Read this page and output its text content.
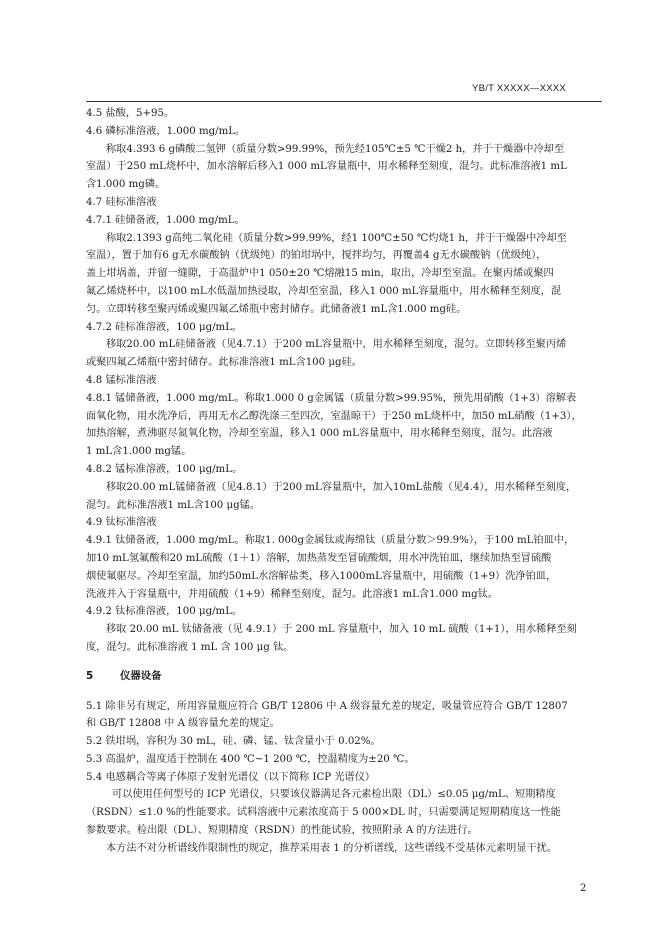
YB/T XXXXX—XXXX
4.5 盐酸，5+95。
4.6 磷标准溶液，1.000 mg/mL。
称取4.393 6 g磷酸二氢钾（质量分数>99.99%，预先经105℃±5 ℃干燥2 h，并于干燥器中冷却至
室温）于250 mL烧杯中，加水溶解后移入1 000 mL容量瓶中，用水稀释至刻度，混匀。此标准溶液1 mL
含1.000 mg磷。
4.7 硅标准溶液
4.7.1 硅储备液，1.000 mg/mL。
称取2.1393 g高纯二氧化硅（质量分数>99.99%，经1 100℃±50 ℃灼烧1 h，并于干燥器中冷却至
室温），置于加有6 g无水碳酸钠（优级纯）的铂坩埚中，搅拌均匀，再覆盖4 g无水碳酸钠（优级纯），
盖上坩埚盖，并留一缝隙，于高温炉中1 050±20 ℃熔融15 min，取出，冷却至室温。在聚丙烯或聚四
氟乙烯烧杯中，以100 mL水低温加热浸取，冷却至室温，移入1 000 mL容量瓶中，用水稀释至刻度，混
匀。立即转移至聚丙烯或聚四氟乙烯瓶中密封储存。此储备液1 mL含1.000 mg硅。
4.7.2 硅标准溶液，100 μg/mL。
移取20.00 mL硅储备液（见4.7.1）于200 mL容量瓶中，用水稀释至刻度，混匀。立即转移至聚丙烯
或聚四氟乙烯瓶中密封储存。此标准溶液1 mL含100 μg硅。
4.8 锰标准溶液
4.8.1 锰储备液，1.000 mg/mL。称取1.000 0 g金属锰（质量分数>99.95%，预先用硝酸（1+3）溶解表
面氧化物，用水洗净后，再用无水乙醇洗涤三至四次，室温晾干）于250 mL烧杯中，加50 mL硝酸（1+3），
加热溶解，煮沸驱尽氮氧化物，冷却至室温，移入1 000 mL容量瓶中，用水稀释至刻度，混匀。此溶液
1 mL含1.000 mg锰。
4.8.2 锰标准溶液，100 μg/mL。
移取20.00 mL锰储备液（见4.8.1）于200 mL容量瓶中，加入10mL盐酸（见4.4），用水稀释至刻度，
混匀。此标准溶液1 mL含100 μg锰。
4.9 钛标准溶液
4.9.1 钛储备液，1.000 mg/mL。称取1. 000g金属钛或海绵钛（质量分数＞99.9%），于100 mL铂皿中，
加10 mL氢氟酸和20 mL硫酸（1＋1）溶解，加热蒸发至冒硫酸烟，用水冲洗铂皿，继续加热至冒硫酸
烟使氟驱尽。冷却至室温，加约50mL水溶解盐类，移入1000mL容量瓶中，用硫酸（1+9）洗净铂皿，
洗液并入于容量瓶中，并用硫酸（1+9）稀释至刻度，混匀。此溶液1 mL含1.000 mg钛。
4.9.2 钛标准溶液，100 μg/mL。
移取 20.00 mL 钛储备液（见 4.9.1）于 200 mL 容量瓶中，加入 10 mL 硫酸（1+1），用水稀释至刻
度，混匀。此标准溶液 1 mL 含 100 μg 钛。
5	仪器设备
5.1 除非另有规定，所用容量瓶应符合 GB/T 12806 中 A 级容量允差的规定，吸量管应符合 GB/T 12807
和 GB/T 12808 中 A 级容量允差的规定。
5.2 铁坩埚，容积为 30 mL，硅、磷、锰、钛含量小于 0.02%。
5.3 高温炉，温度适于控制在 400 ℃~1 200 ℃，控温精度为±20 ℃。
5.4 电感耦合等离子体原子发射光谱仪（以下简称 ICP 光谱仪）
可以使用任何型号的 ICP 光谱仪，只要该仪器满足各元素检出限（DL）≤0.05 μg/mL、短期精度
（RSDN）≤1.0 %的性能要求。试料溶液中元素浓度高于 5 000×DL 时，只需要满足短期精度这一性能
参数要求。检出限（DL）、短期精度（RSDN）的性能试验，按照附录 A 的方法进行。
本方法不对分析谱线作限制性的规定，推荐采用表 1 的分析谱线，这些谱线不受基体元素明显干扰。
2
